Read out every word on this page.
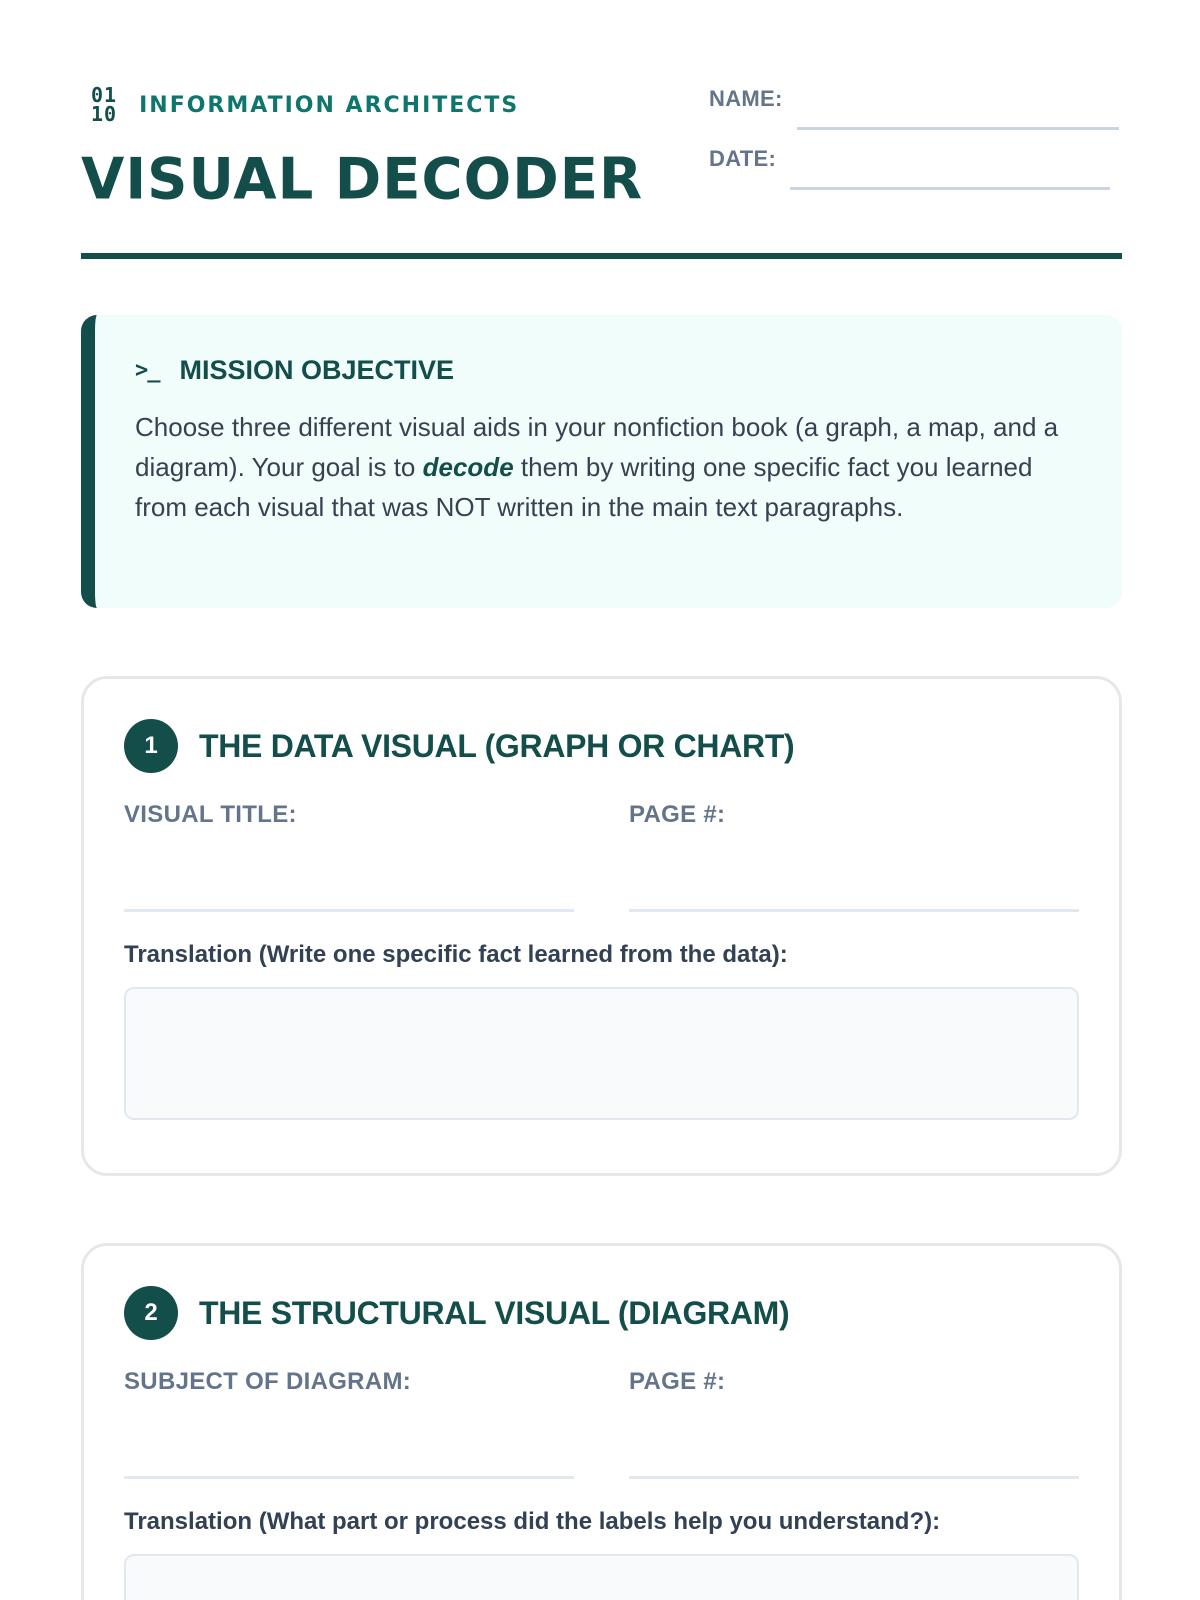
01
10 INFORMATION ARCHITECTS
VISUAL DECODER
NAME:
DATE:
>_ MISSION OBJECTIVE

Choose three different visual aids in your nonfiction book (a graph, a map, and a diagram). Your goal is to decode them by writing one specific fact you learned from each visual that was NOT written in the main text paragraphs.

1	THE DATA VISUAL (GRAPH OR CHART)
VISUAL TITLE:	PAGE #:
Translation (Write one specific fact learned from the data):
2	THE STRUCTURAL VISUAL (DIAGRAM)
SUBJECT OF DIAGRAM:	PAGE #:
Translation (What part or process did the labels help you understand?):
